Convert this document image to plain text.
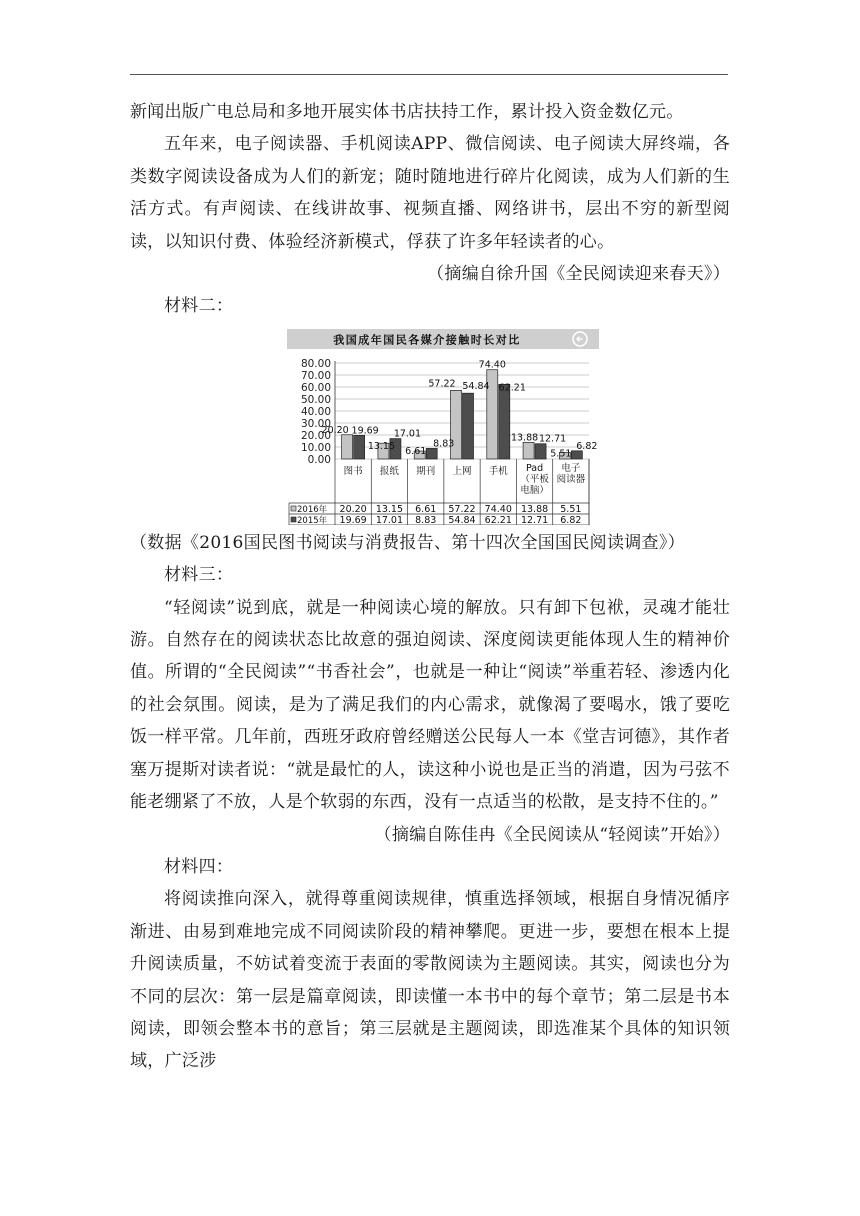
新闻出版广电总局和多地开展实体书店扶持工作，累计投入资金数亿元。

五年来，电子阅读器、手机阅读APP、微信阅读、电子阅读大屏终端，各类数字阅读设备成为人们的新宠；随时随地进行碎片化阅读，成为人们新的生活方式。有声阅读、在线讲故事、视频直播、网络讲书，层出不穷的新型阅读，以知识付费、体验经济新模式，俘获了许多年轻读者的心。

（摘编自徐升国《全民阅读迎来春天》）

材料二：

我国成年国民各媒介接触时长对比
80.00
70.00
60.00
50.00
40.00
30.00
20.00
10.00
0.00
20.20
13.15 6.61
57.22
74.40
13.88
5.51
19.69 17.01
8.83
54.84 62.21
12.71
6.82
图书 报纸 期刊 上网 手机 Pad
（平板
电脑）
电子
阅读器
2016年 20.20 13.15 6.61 57.22 74.40 13.88 5.51
2015年 19.69 17.01 8.83 54.84 62.21 12.71 6.82

（数据《2016国民图书阅读与消费报告、第十四次全国国民阅读调查》）

材料三：

“轻阅读”说到底，就是一种阅读心境的解放。只有卸下包袱，灵魂才能壮游。自然存在的阅读状态比故意的强迫阅读、深度阅读更能体现人生的精神价值。所谓的“全民阅读”“书香社会”，也就是一种让“阅读”举重若轻、渗透内化的社会氛围。阅读，是为了满足我们的内心需求，就像渴了要喝水，饿了要吃饭一样平常。几年前，西班牙政府曾经赠送公民每人一本《堂吉诃德》，其作者塞万提斯对读者说：“就是最忙的人，读这种小说也是正当的消遣，因为弓弦不能老绷紧了不放，人是个软弱的东西，没有一点适当的松散，是支持不住的。”

（摘编自陈佳冉《全民阅读从“轻阅读”开始》）

材料四：

将阅读推向深入，就得尊重阅读规律，慎重选择领域，根据自身情况循序渐进、由易到难地完成不同阅读阶段的精神攀爬。更进一步，要想在根本上提升阅读质量，不妨试着变流于表面的零散阅读为主题阅读。其实，阅读也分为不同的层次：第一层是篇章阅读，即读懂一本书中的每个章节；第二层是书本阅读，即领会整本书的意旨；第三层就是主题阅读，即选准某个具体的知识领域，广泛涉
